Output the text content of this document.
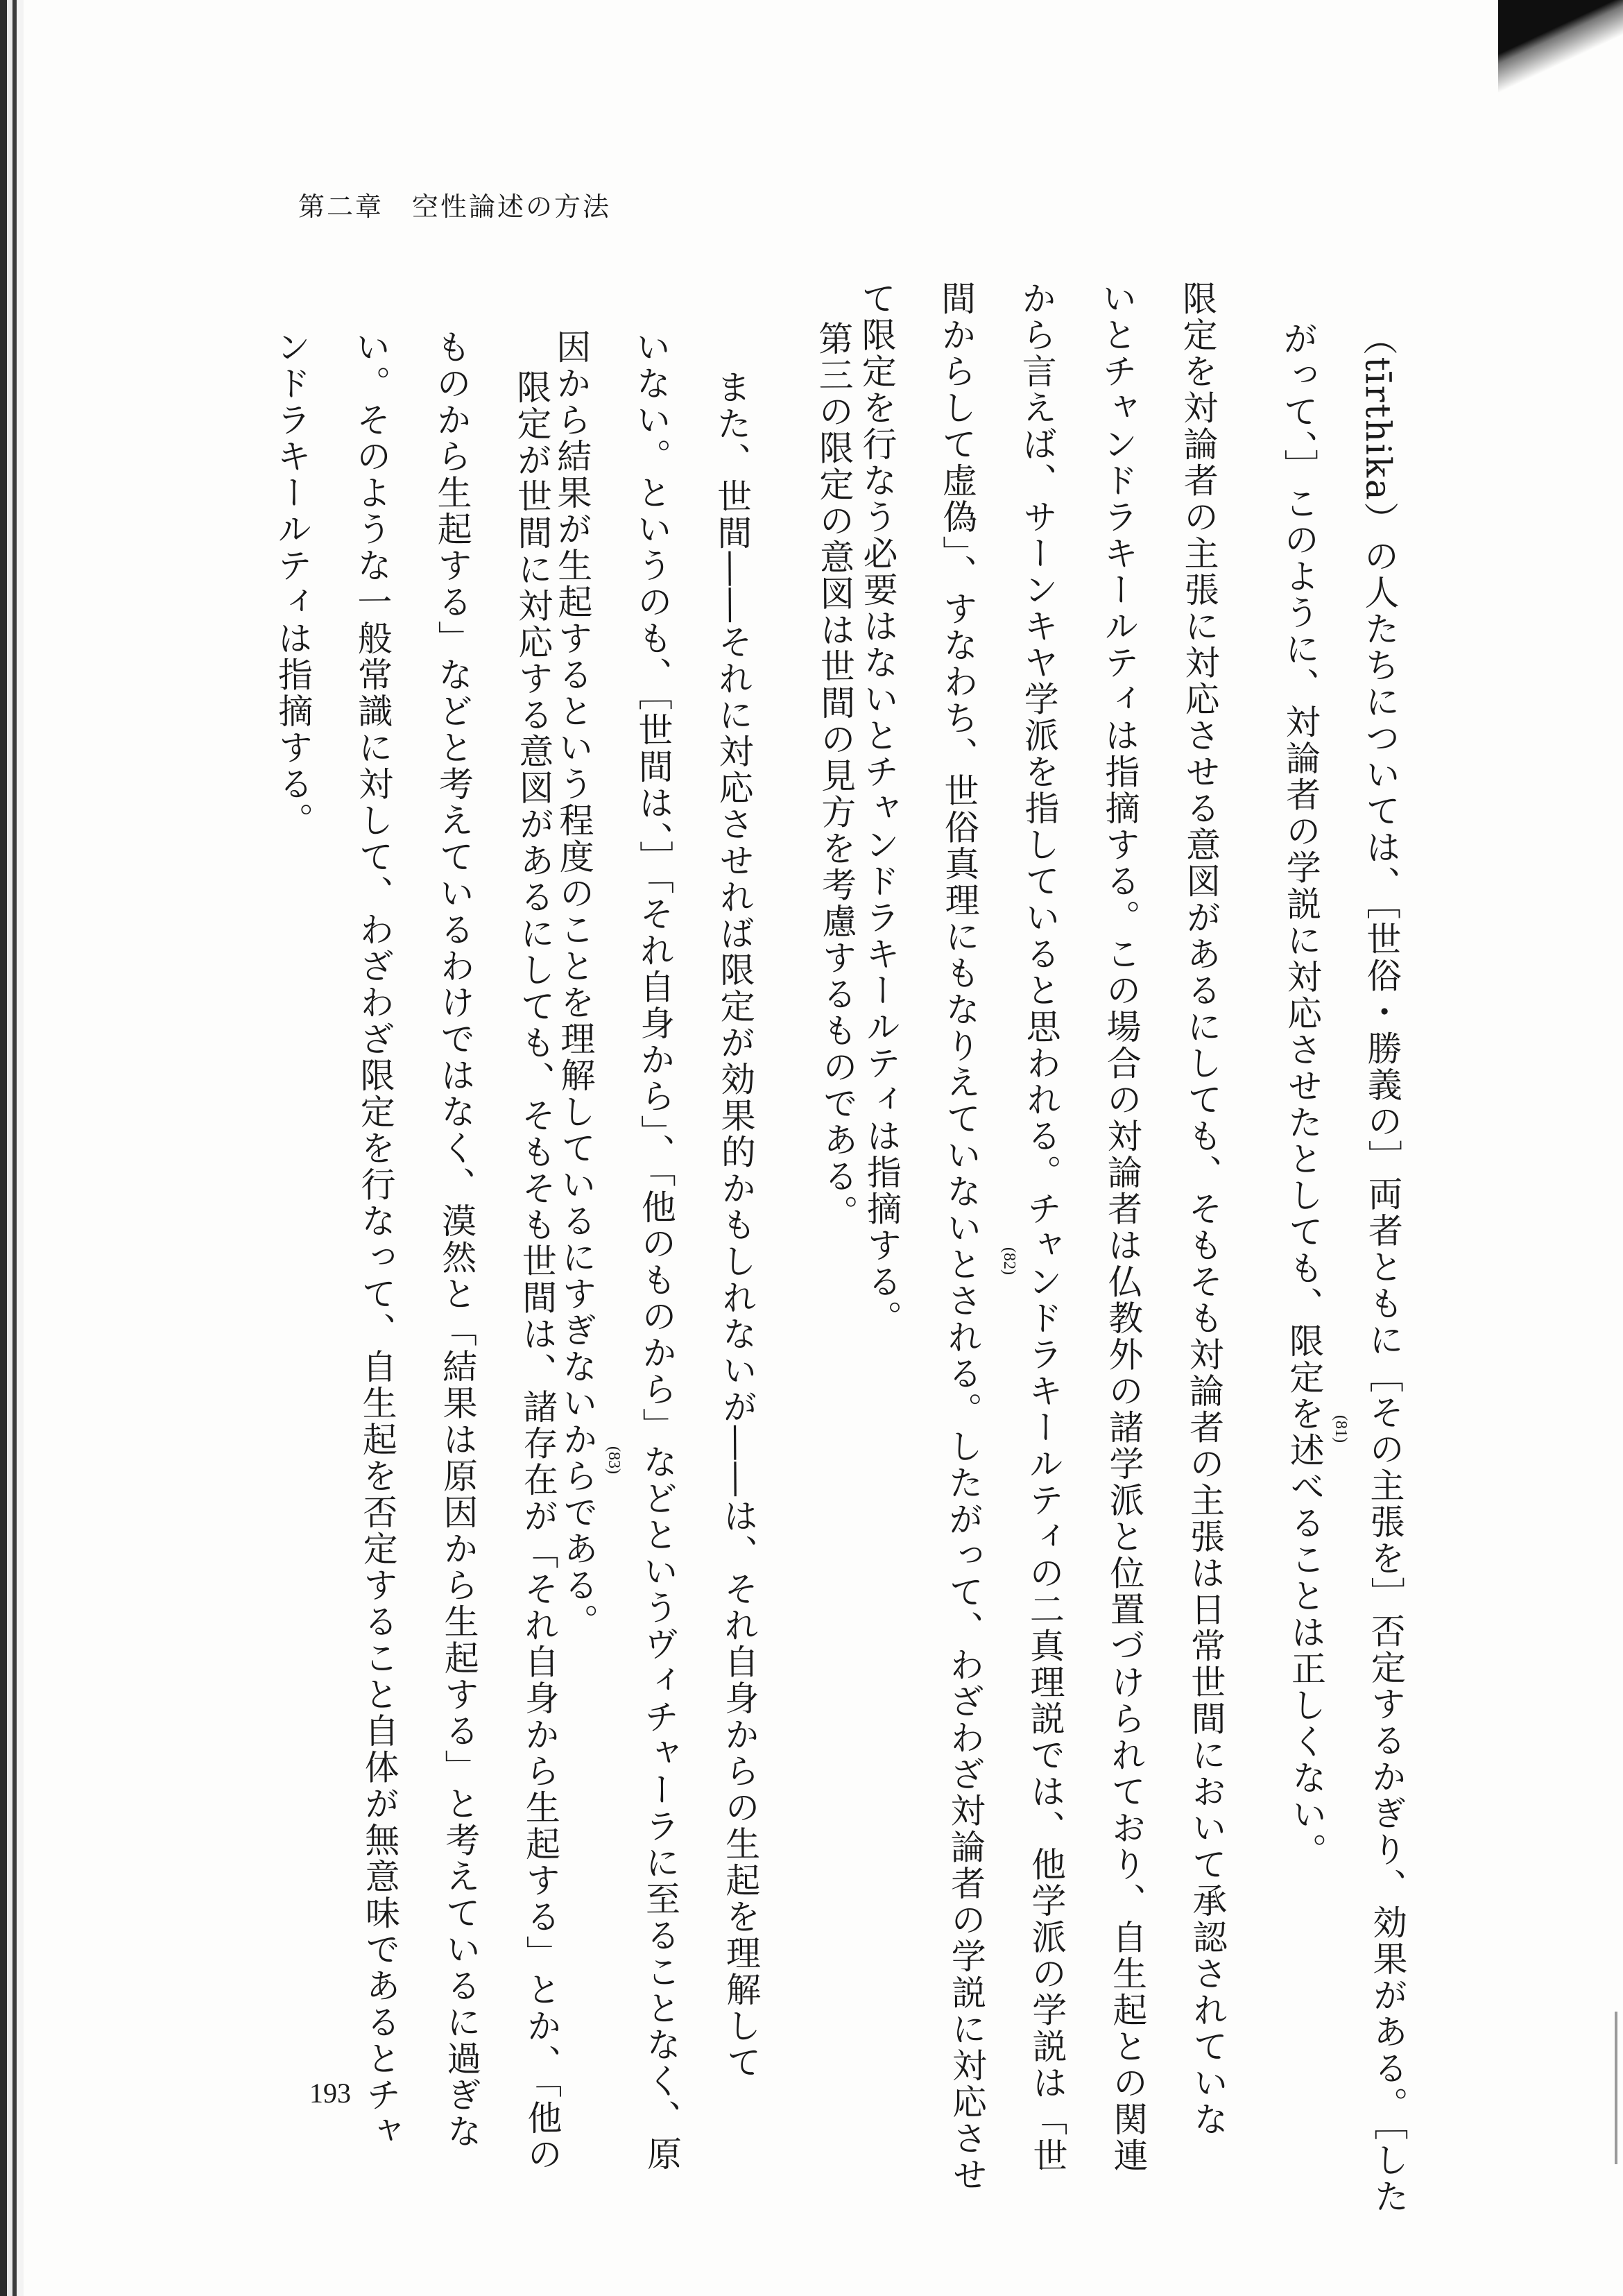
第二章　空性論述の方法
（tīrthika）の人たちについては、［世俗・勝義の］両者ともに［その主張を］否定するかぎり、効果がある。［した
がって、］このように、対論者の学説に対応させたとしても、限定を述べることは正しくない。
限定を対論者の主張に対応させる意図があるにしても、そもそも対論者の主張は日常世間において承認されていな
いとチャンドラキールティは指摘する。この場合の対論者は仏教外の諸学派と位置づけられており、自生起との関連
から言えば、サーンキヤ学派を指していると思われる。チャンドラキールティの二真理説では、他学派の学説は「世
間からして虚偽」、すなわち、世俗真理にもなりえていないとされる。したがって、わざわざ対論者の学説に対応させ
て限定を行なう必要はないとチャンドラキールティは指摘する。
第三の限定の意図は世間の見方を考慮するものである。
(81)
(82)
また、世間――それに対応させれば限定が効果的かもしれないが――は、それ自身からの生起を理解して
いない。というのも、［世間は、］「それ自身から」、「他のものから」などというヴィチャーラに至ることなく、原
因から結果が生起するという程度のことを理解しているにすぎないからである。
限定が世間に対応する意図があるにしても、そもそも世間は、諸存在が「それ自身から生起する」とか、「他の
ものから生起する」などと考えているわけではなく、漠然と「結果は原因から生起する」と考えているに過ぎな
い。そのような一般常識に対して、わざわざ限定を行なって、自生起を否定すること自体が無意味であるとチャ
ンドラキールティは指摘する。
(83)
193
